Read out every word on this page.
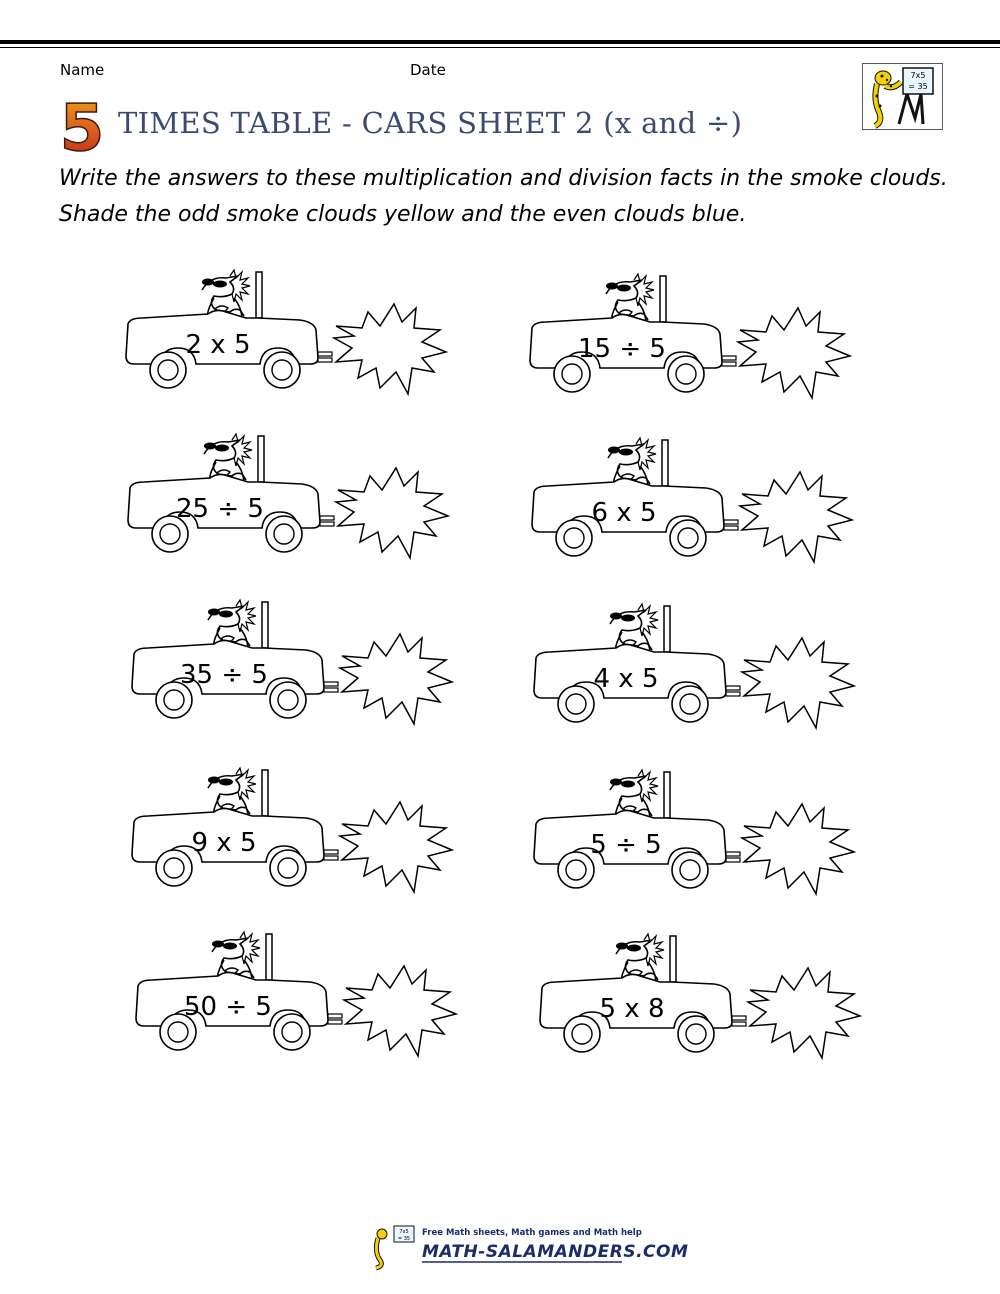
Name	Date	7x5
= 35
5 TIMES TABLE - CARS SHEET 2 (x and ÷)
Write the answers to these multiplication and division facts in the smoke clouds.
Shade the odd smoke clouds yellow and the even clouds blue.
2 x 5	15 ÷ 5
25 ÷ 5	6 x 5
35 ÷ 5	4 x 5
9 x 5	5 ÷ 5
50 ÷ 5	5 x 8
7x5
= 35
Free Math sheets, Math games and Math help
MATH-SALAMANDERS.COM
